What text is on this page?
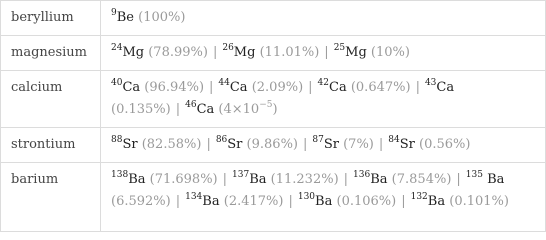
beryllium	$^9$Be (100%)
magnesium	$^{24}$Mg (78.99%) | $^{26}$Mg (11.01%) | $^{25}$Mg (10%)
calcium	$^{40}$Ca (96.94%) | $^{44}$Ca (2.09%) | $^{42}$Ca (0.647%) | $^{43}$Ca (0.135%) | $^{46}$Ca $(4\times 10^{-5})$
strontium	$^{88}$Sr (82.58%) | $^{86}$Sr (9.86%) | $^{87}$Sr (7%) | $^{84}$Sr (0.56%)
barium	$^{138}$Ba (71.698%) | $^{137}$Ba (11.232%) | $^{136}$Ba (7.854%) | $^{135}$ Ba (6.592%) | $^{134}$Ba (2.417%) | $^{130}$Ba (0.106%) | $^{132}$Ba (0.101%)
